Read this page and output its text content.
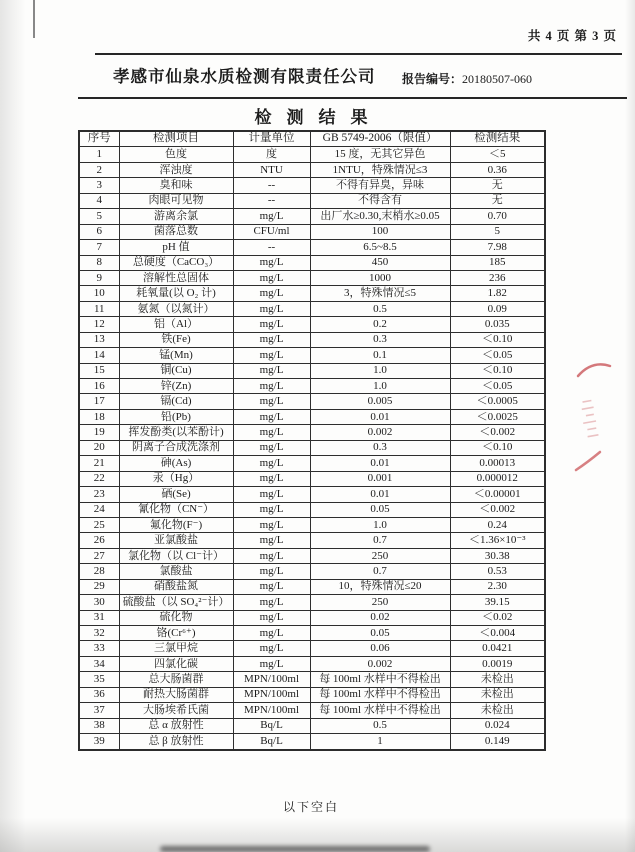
共 4 页 第 3 页
孝感市仙泉水质检测有限责任公司 报告编号：20180507-060
检测结果
序号	检测项目	计量单位	GB 5749-2006（限值）	检测结果
1	色度	度	15 度，无其它异色	＜5
2	浑浊度	NTU	1NTU，特殊情况≤3	0.36
3	臭和味	--	不得有异臭，异味	无
4	肉眼可见物	--	不得含有	无
5	游离余氯	mg/L	出厂水≥0.30,末梢水≥0.05	0.70
6	菌落总数	CFU/ml	100	5
7	pH 值	--	6.5~8.5	7.98
8	总硬度（CaCO₃）	mg/L	450	185
9	溶解性总固体	mg/L	1000	236
10	耗氧量(以 O₂ 计)	mg/L	3，特殊情况≤5	1.82
11	氨氮（以氮计）	mg/L	0.5	0.09
12	铝（Al）	mg/L	0.2	0.035
13	铁(Fe)	mg/L	0.3	＜0.10
14	锰(Mn)	mg/L	0.1	＜0.05
15	铜(Cu)	mg/L	1.0	＜0.10
16	锌(Zn)	mg/L	1.0	＜0.05
17	镉(Cd)	mg/L	0.005	＜0.0005
18	铅(Pb)	mg/L	0.01	＜0.0025
19	挥发酚类(以苯酚计)	mg/L	0.002	＜0.002
20	阴离子合成洗涤剂	mg/L	0.3	＜0.10
21	砷(As)	mg/L	0.01	0.00013
22	汞（Hg）	mg/L	0.001	0.000012
23	硒(Se)	mg/L	0.01	＜0.00001
24	氰化物（CN⁻）	mg/L	0.05	＜0.002
25	氟化物(F⁻)	mg/L	1.0	0.24
26	亚氯酸盐	mg/L	0.7	＜1.36×10⁻³
27	氯化物（以 Cl⁻计）	mg/L	250	30.38
28	氯酸盐	mg/L	0.7	0.53
29	硝酸盐氮	mg/L	10，特殊情况≤20	2.30
30	硫酸盐（以 SO₄²⁻计）	mg/L	250	39.15
31	硫化物	mg/L	0.02	＜0.02
32	铬(Cr⁶⁺)	mg/L	0.05	＜0.004
33	三氯甲烷	mg/L	0.06	0.0421
34	四氯化碳	mg/L	0.002	0.0019
35	总大肠菌群	MPN/100ml	每 100ml 水样中不得检出	未检出
36	耐热大肠菌群	MPN/100ml	每 100ml 水样中不得检出	未检出
37	大肠埃希氏菌	MPN/100ml	每 100ml 水样中不得检出	未检出
38	总 α 放射性	Bq/L	0.5	0.024
39	总 β 放射性	Bq/L	1	0.149
以下空白
